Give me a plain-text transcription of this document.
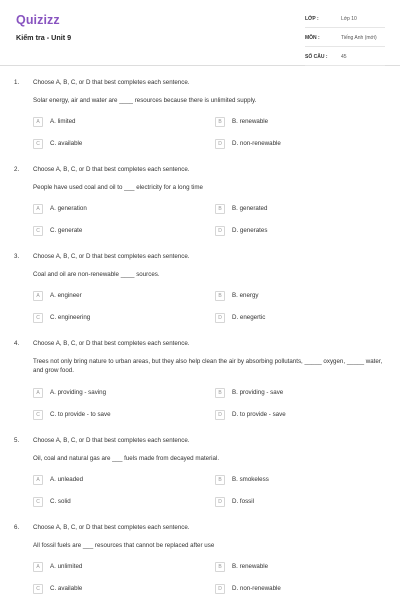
Quizizz
Kiểm tra - Unit 9
LỚP :	Lớp 10
MÔN :	Tiếng Anh (mới)
SỐ CÂU :	45
1. Choose A, B, C, or D that best completes each sentence.
Solar energy, air and water are ____ resources because there is unlimited supply.
A	A. limited	B	B. renewable
C	C. available	D	D. non-renewable
2. Choose A, B, C, or D that best completes each sentence.
People have used coal and oil to ___ electricity for a long time
A	A. generation	B	B. generated
C	C. generate	D	D. generates
3. Choose A, B, C, or D that best completes each sentence.
Coal and oil are non-renewable ____ sources.
A	A. engineer	B	B. energy
C	C. engineering	D	D. enegertic
4. Choose A, B, C, or D that best completes each sentence.
Trees not only bring nature to urban areas, but they also help clean the air by absorbing pollutants, _____ oxygen, _____ water, and grow food.
A	A. providing - saving	B	B. providing - save
C	C. to provide - to save	D	D. to provide - save
5. Choose A, B, C, or D that best completes each sentence.
Oil, coal and natural gas are ___ fuels made from decayed material.
A	A. unleaded	B	B. smokeless
C	C. solid	D	D. fossil
6. Choose A, B, C, or D that best completes each sentence.
All fossil fuels are ___ resources that cannot be replaced after use
A	A. unlimited	B	B. renewable
C	C. available	D	D. non-renewable
